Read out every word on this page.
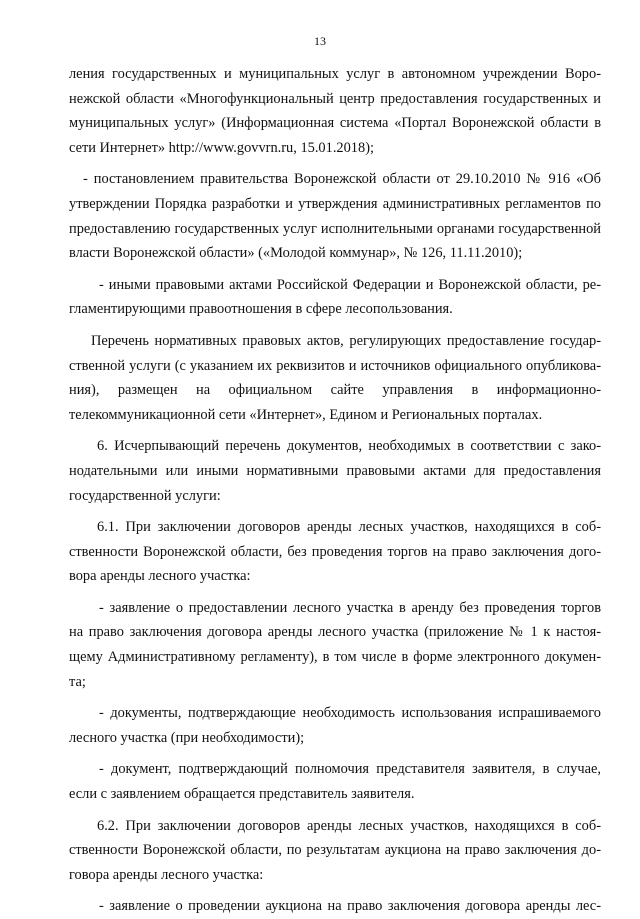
13
ления государственных и муниципальных услуг в автономном учреждении Воро-
нежской области «Многофункциональный центр предоставления государственных и
муниципальных услуг» (Информационная система «Портал Воронежской области в
сети Интернет» http://www.govvrn.ru, 15.01.2018);
- постановлением правительства Воронежской области от 29.10.2010 № 916 «Об
утверждении Порядка разработки и утверждения административных регламентов по
предоставлению государственных услуг исполнительными органами государственной
власти Воронежской области» («Молодой коммунар», № 126, 11.11.2010);
- иными правовыми актами Российской Федерации и Воронежской области, ре-
гламентирующими правоотношения в сфере лесопользования.
Перечень нормативных правовых актов, регулирующих предоставление государ-
ственной услуги (с указанием их реквизитов и источников официального опубликова-
ния), размещен на официальном сайте управления в информационно-
телекоммуникационной сети «Интернет», Едином и Региональных порталах.
6. Исчерпывающий перечень документов, необходимых в соответствии с зако-
нодательными или иными нормативными правовыми актами для предоставления
государственной услуги:
6.1. При заключении договоров аренды лесных участков, находящихся в соб-
ственности Воронежской области, без проведения торгов на право заключения дого-
вора аренды лесного участка:
- заявление о предоставлении лесного участка в аренду без проведения торгов
на право заключения договора аренды лесного участка (приложение № 1 к настоя-
щему Административному регламенту), в том числе в форме электронного докумен-
та;
- документы, подтверждающие необходимость использования испрашиваемого
лесного участка (при необходимости);
- документ, подтверждающий полномочия представителя заявителя, в случае,
если с заявлением обращается представитель заявителя.
6.2. При заключении договоров аренды лесных участков, находящихся в соб-
ственности Воронежской области, по результатам аукциона на право заключения до-
говора аренды лесного участка:
- заявление о проведении аукциона на право заключения договора аренды лес-
